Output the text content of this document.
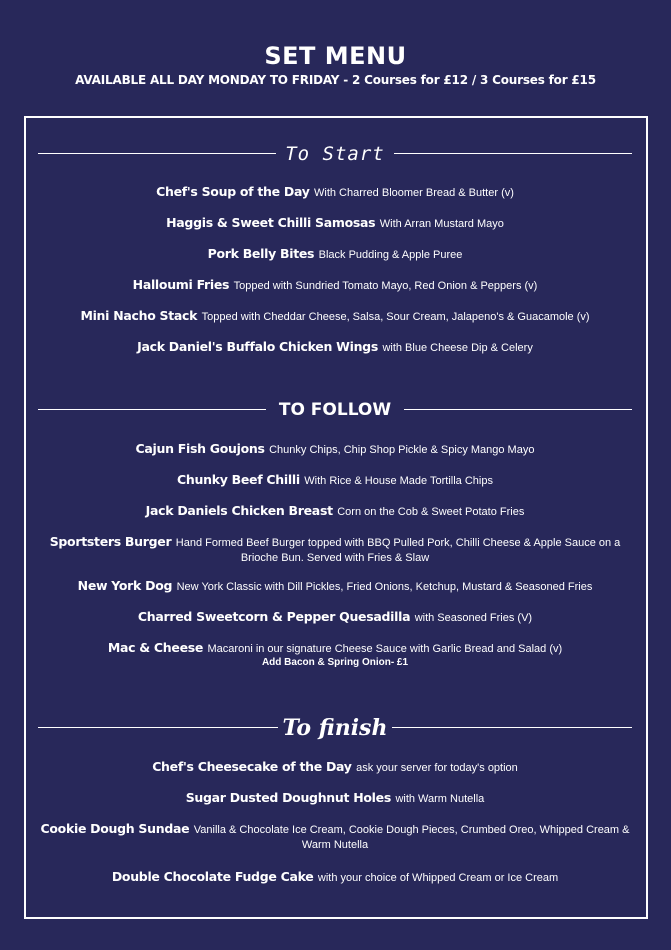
SET MENU
AVAILABLE ALL DAY MONDAY TO FRIDAY - 2 Courses for £12 / 3 Courses for £15
To Start
Chef's Soup of the Day With Charred Bloomer Bread & Butter (v)
Haggis & Sweet Chilli Samosas With Arran Mustard Mayo
Pork Belly Bites Black Pudding & Apple Puree
Halloumi Fries Topped with Sundried Tomato Mayo, Red Onion & Peppers (v)
Mini Nacho Stack Topped with Cheddar Cheese, Salsa, Sour Cream, Jalapeno's & Guacamole (v)
Jack Daniel's Buffalo Chicken Wings with Blue Cheese Dip & Celery
TO FOLLOW
Cajun Fish Goujons Chunky Chips, Chip Shop Pickle & Spicy Mango Mayo
Chunky Beef Chilli With Rice & House Made Tortilla Chips
Jack Daniels Chicken Breast Corn on the Cob & Sweet Potato Fries
Sportsters Burger Hand Formed Beef Burger topped with BBQ Pulled Pork, Chilli Cheese & Apple Sauce on a Brioche Bun. Served with Fries & Slaw
New York Dog New York Classic with Dill Pickles, Fried Onions, Ketchup, Mustard & Seasoned Fries
Charred Sweetcorn & Pepper Quesadilla with Seasoned Fries (V)
Mac & Cheese Macaroni in our signature Cheese Sauce with Garlic Bread and Salad (v)
Add Bacon & Spring Onion- £1
To finish
Chef's Cheesecake of the Day ask your server for today's option
Sugar Dusted Doughnut Holes with Warm Nutella
Cookie Dough Sundae Vanilla & Chocolate Ice Cream, Cookie Dough Pieces, Crumbed Oreo, Whipped Cream & Warm Nutella
Double Chocolate Fudge Cake with your choice of Whipped Cream or Ice Cream
